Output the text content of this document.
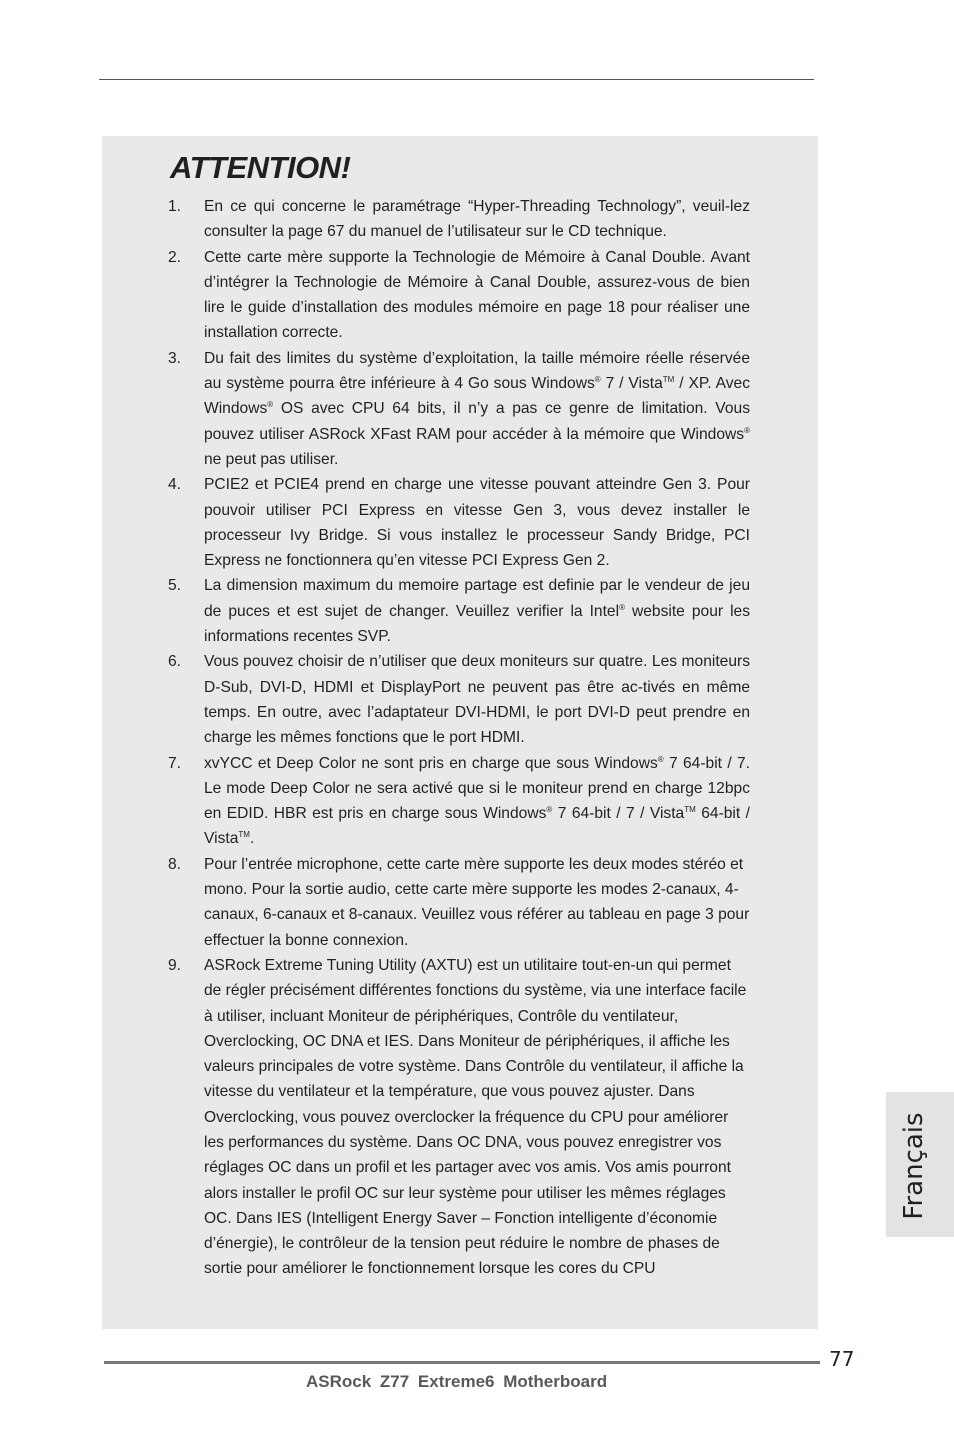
ATTENTION!
1. En ce qui concerne le paramétrage “Hyper-Threading Technology”, veuil-lez consulter la page 67 du manuel de l’utilisateur sur le CD technique.
2. Cette carte mère supporte la Technologie de Mémoire à Canal Double. Avant d’intégrer la Technologie de Mémoire à Canal Double, assurez-vous de bien lire le guide d’installation des modules mémoire en page 18 pour réaliser une installation correcte.
3. Du fait des limites du système d’exploitation, la taille mémoire réelle réservée au système pourra être inférieure à 4 Go sous Windows® 7 / Vista™ / XP. Avec Windows® OS avec CPU 64 bits, il n’y a pas ce genre de limitation. Vous pouvez utiliser ASRock XFast RAM pour accéder à la mémoire que Windows® ne peut pas utiliser.
4. PCIE2 et PCIE4 prend en charge une vitesse pouvant atteindre Gen 3. Pour pouvoir utiliser PCI Express en vitesse Gen 3, vous devez installer le processeur Ivy Bridge. Si vous installez le processeur Sandy Bridge, PCI Express ne fonctionnera qu’en vitesse PCI Express Gen 2.
5. La dimension maximum du memoire partage est definie par le vendeur de jeu de puces et est sujet de changer. Veuillez verifier la Intel® website pour les informations recentes SVP.
6. Vous pouvez choisir de n’utiliser que deux moniteurs sur quatre. Les moniteurs D-Sub, DVI-D, HDMI et DisplayPort ne peuvent pas être ac-tivés en même temps. En outre, avec l’adaptateur DVI-HDMI, le port DVI-D peut prendre en charge les mêmes fonctions que le port HDMI.
7. xvYCC et Deep Color ne sont pris en charge que sous Windows® 7 64-bit / 7. Le mode Deep Color ne sera activé que si le moniteur prend en charge 12bpc en EDID. HBR est pris en charge sous Windows® 7 64-bit / 7 / Vista™ 64-bit / Vista™.
8. Pour l’entrée microphone, cette carte mère supporte les deux modes stéréo et mono. Pour la sortie audio, cette carte mère supporte les modes 2-canaux, 4-canaux, 6-canaux et 8-canaux. Veuillez vous référer au tableau en page 3 pour effectuer la bonne connexion.
9. ASRock Extreme Tuning Utility (AXTU) est un utilitaire tout-en-un qui permet de régler précisément différentes fonctions du système, via une interface facile à utiliser, incluant Moniteur de périphériques, Contrôle du ventilateur, Overclocking, OC DNA et IES. Dans Moniteur de périphériques, il affiche les valeurs principales de votre système. Dans Contrôle du ventilateur, il affiche la vitesse du ventilateur et la température, que vous pouvez ajuster. Dans Overclocking, vous pouvez overclocker la fréquence du CPU pour améliorer les performances du système. Dans OC DNA, vous pouvez enregistrer vos réglages OC dans un profil et les partager avec vos amis. Vos amis pourront alors installer le profil OC sur leur système pour utiliser les mêmes réglages OC. Dans IES (Intelligent Energy Saver – Fonction intelligente d’économie d’énergie), le contrôleur de la tension peut réduire le nombre de phases de sortie pour améliorer le fonctionnement lorsque les cores du CPU
Français
77
ASRock Z77 Extreme6 Motherboard
